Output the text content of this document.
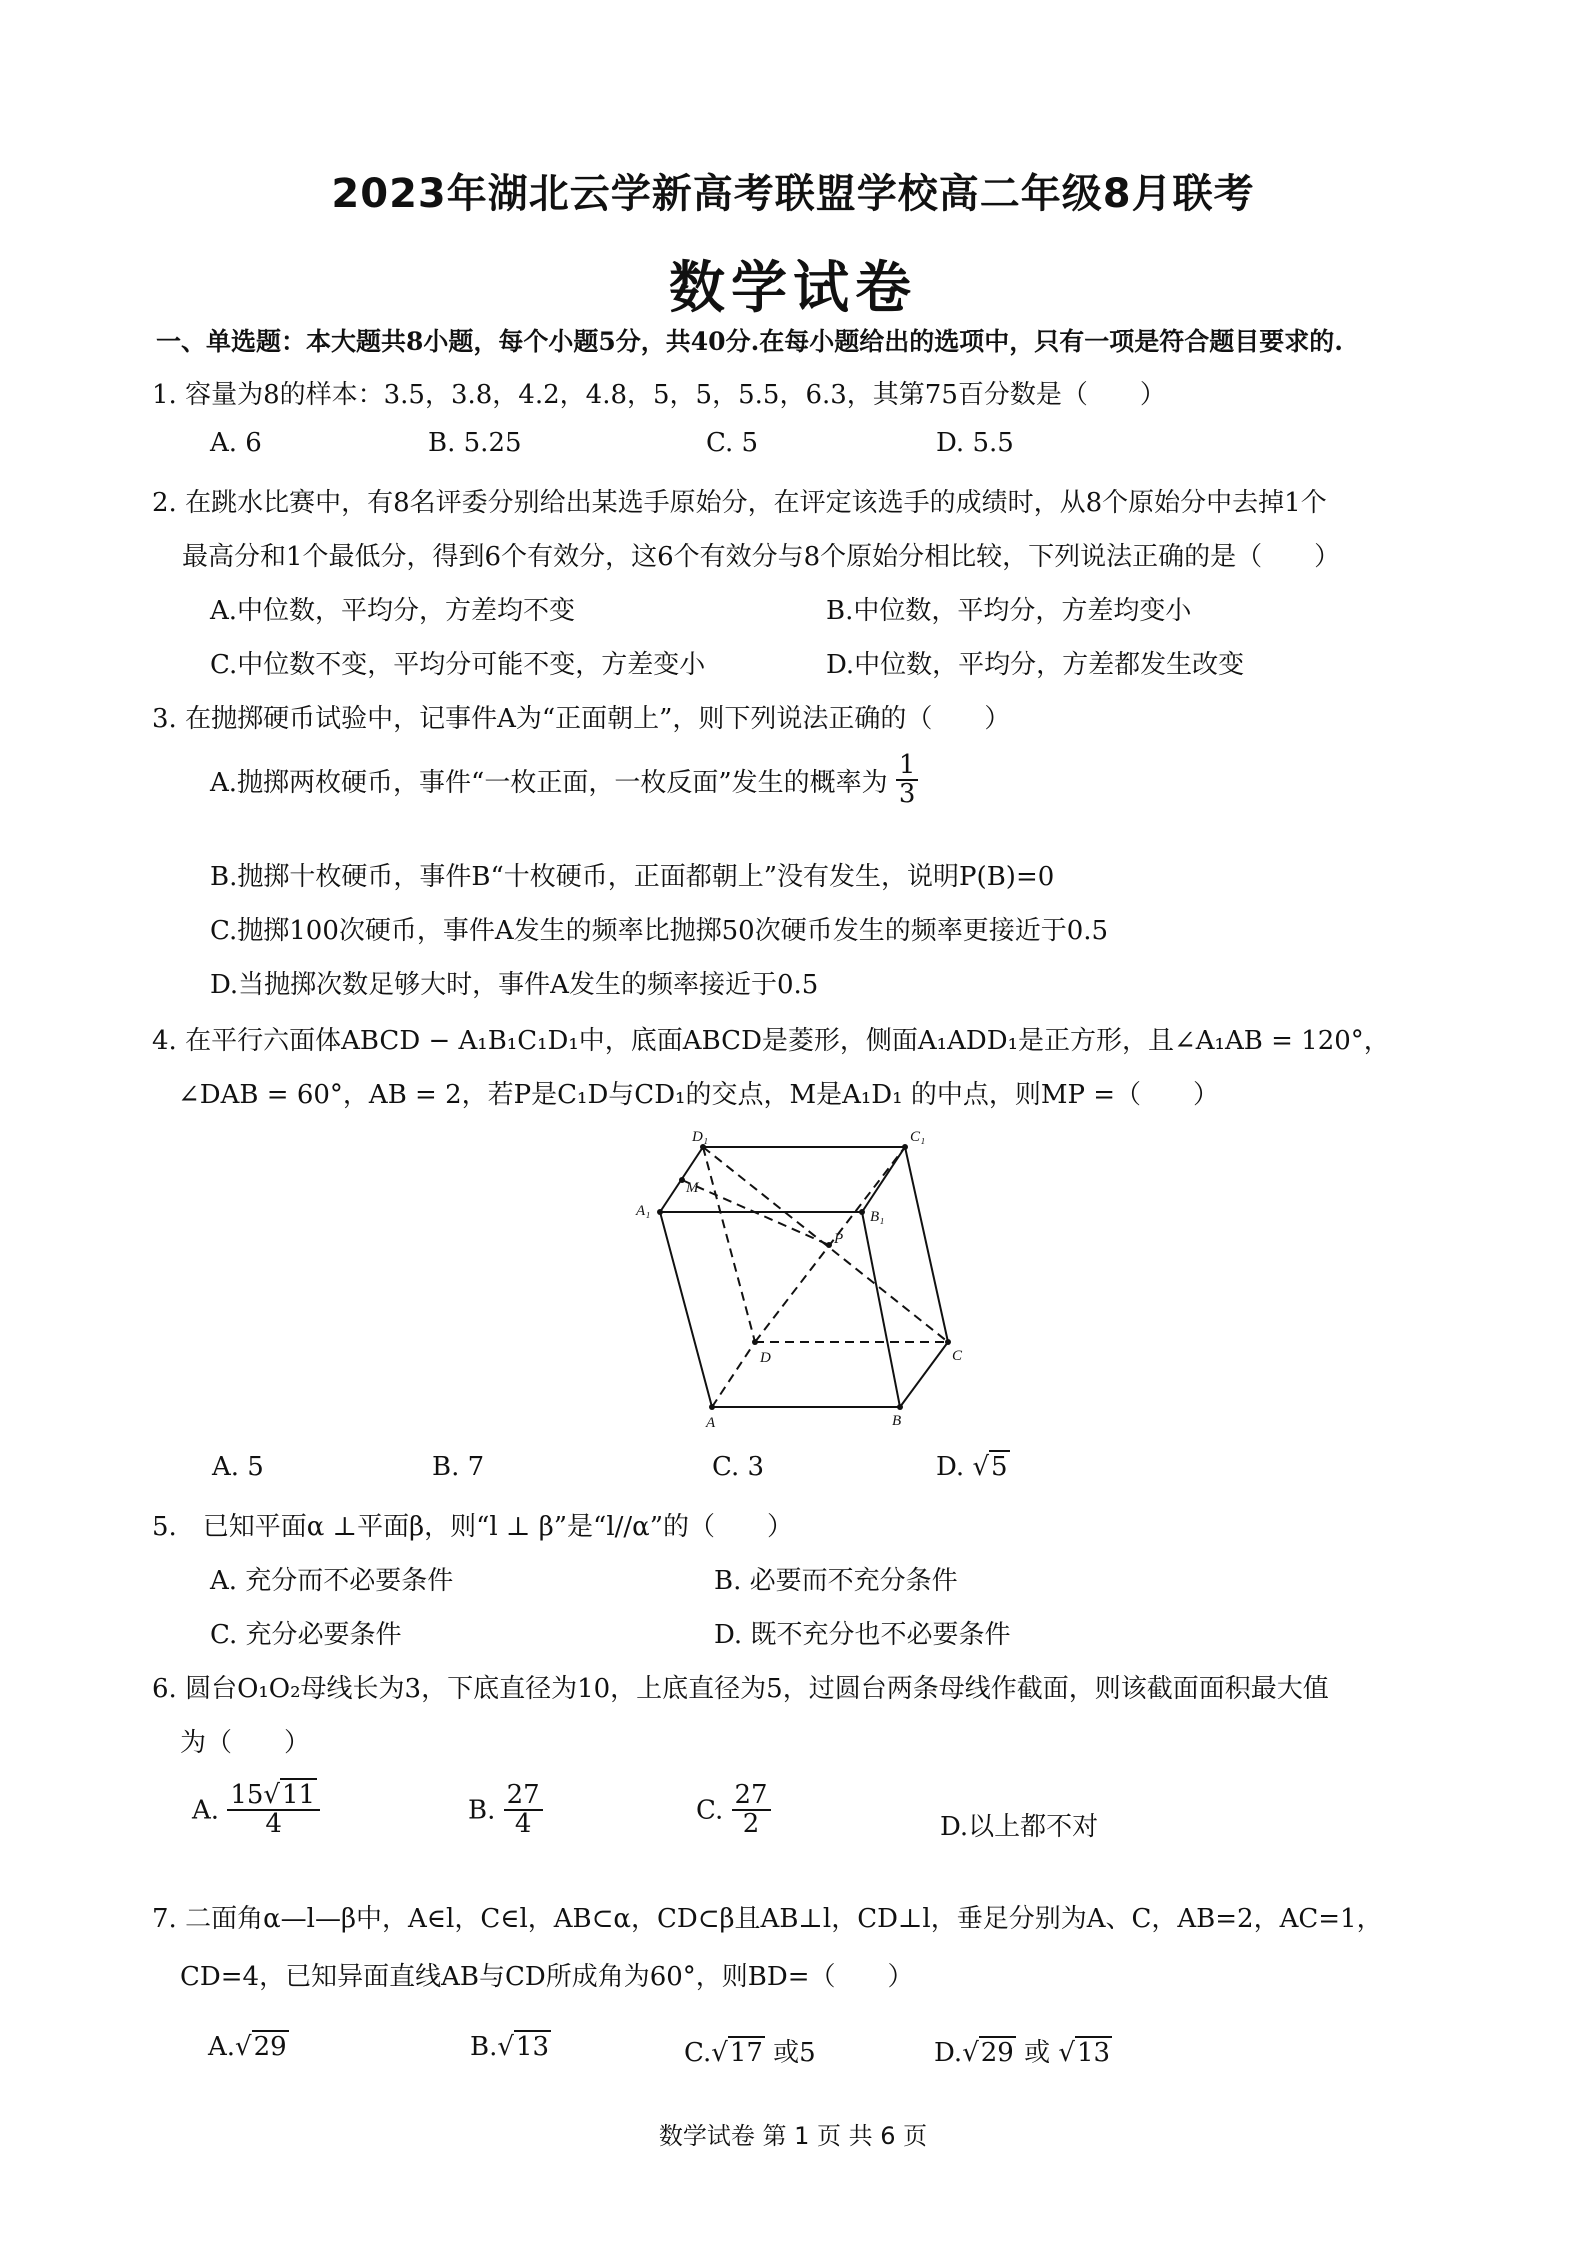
2023年湖北云学新高考联盟学校高二年级8月联考
数学试卷
一、单选题：本大题共8小题，每个小题5分，共40分.在每小题给出的选项中，只有一项是符合题目要求的.
1. 容量为8的样本：3.5，3.8，4.2，4.8，5，5，5.5，6.3，其第75百分数是（　　）
A. 6	B. 5.25	C. 5	D. 5.5
2. 在跳水比赛中，有8名评委分别给出某选手原始分，在评定该选手的成绩时，从8个原始分中去掉1个
最高分和1个最低分，得到6个有效分，这6个有效分与8个原始分相比较，下列说法正确的是（　　）
A.中位数，平均分，方差均不变	B.中位数，平均分，方差均变小
C.中位数不变，平均分可能不变，方差变小	D.中位数，平均分，方差都发生改变
3. 在抛掷硬币试验中，记事件A为“正面朝上”，则下列说法正确的（　　）
A.抛掷两枚硬币，事件“一枚正面，一枚反面”发生的概率为 $\frac{1}{3}$
B.抛掷十枚硬币，事件B“十枚硬币，正面都朝上”没有发生，说明P(B)=0
C.抛掷100次硬币，事件A发生的频率比抛掷50次硬币发生的频率更接近于0.5
D.当抛掷次数足够大时，事件A发生的频率接近于0.5
4. 在平行六面体ABCD − A₁B₁C₁D₁中，底面ABCD是菱形，侧面A₁ADD₁是正方形，且∠A₁AB = 120°，
∠DAB = 60°，AB = 2，若P是C₁D与CD₁的交点，M是A₁D₁ 的中点，则MP =（　　）
D₁	C₁
A₁	B₁
M
P
D	C
A	B
A. 5	B. 7	C. 3	D. √5
5.　已知平面α ⊥平面β，则“l ⊥ β”是“l//α”的（　　）
A. 充分而不必要条件	B. 必要而不充分条件
C. 充分必要条件	D. 既不充分也不必要条件
6. 圆台O₁O₂母线长为3，下底直径为10，上底直径为5，过圆台两条母线作截面，则该截面面积最大值
为（　　）
A. $\frac{15√11}{4}$	B. $\frac{27}{4}$	C. $\frac{27}{2}$	D.以上都不对
7. 二面角α—l—β中，A∈l，C∈l，AB⊂α，CD⊂β且AB⊥l，CD⊥l，垂足分别为A、C，AB=2，AC=1，
CD=4，已知异面直线AB与CD所成角为60°，则BD=（　　）
A.√29	B.√13	C.√17 或5	D.√29 或 √13
数学试卷 第 1 页 共 6 页
